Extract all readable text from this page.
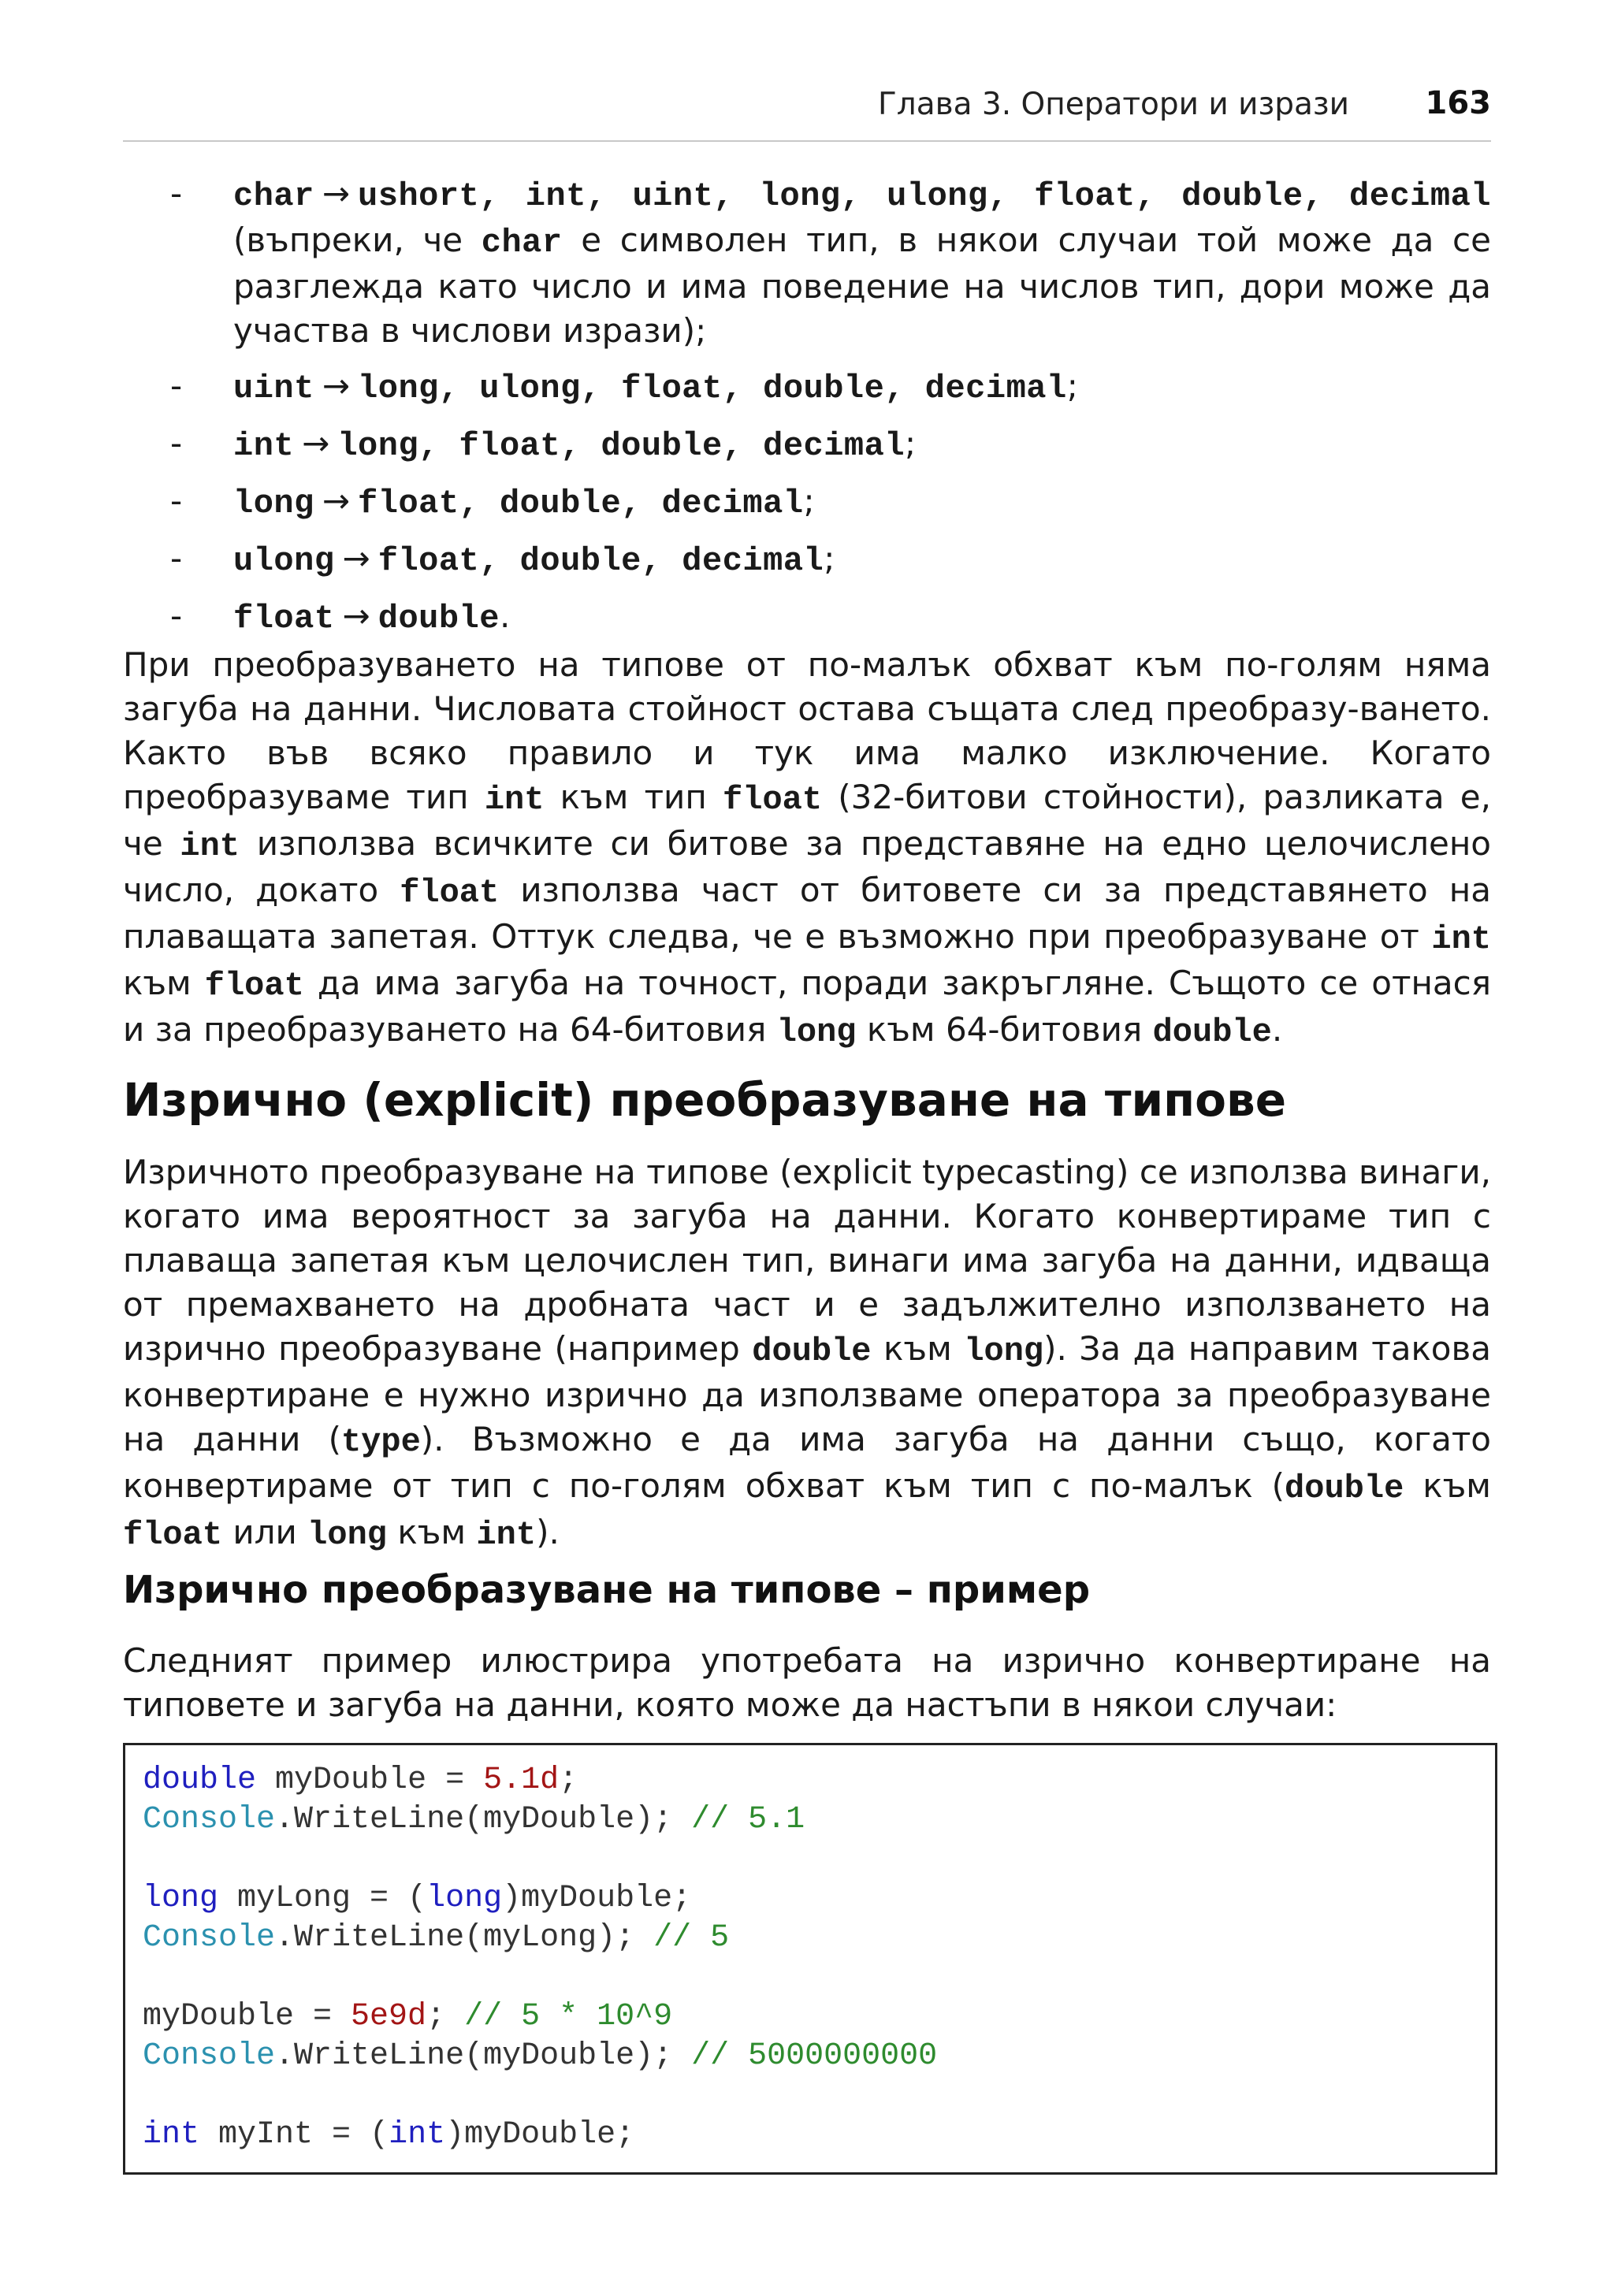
Глава 3. Оператори и изрази 163
- char → ushort, int, uint, long, ulong, float, double, decimal (въпреки, че char е символен тип, в някои случаи той може да се разглежда като число и има поведение на числов тип, дори може да участва в числови изрази);
- uint → long, ulong, float, double, decimal;
- int → long, float, double, decimal;
- long → float, double, decimal;
- ulong → float, double, decimal;
- float → double.
При преобразуването на типове от по-малък обхват към по-голям няма загуба на данни. Числовата стойност остава същата след преобразу-ването. Както във всяко правило и тук има малко изключение. Когато преобразуваме тип int към тип float (32-битови стойности), разликата е, че int използва всичките си битове за представяне на едно целочислено число, докато float използва част от битовете си за представянето на плаващата запетая. Оттук следва, че е възможно при преобразуване от int към float да има загуба на точност, поради закръгляне. Същото се отнася и за преобразуването на 64-битовия long към 64-битовия double.
Изрично (explicit) преобразуване на типове
Изричното преобразуване на типове (explicit typecasting) се използва винаги, когато има вероятност за загуба на данни. Когато конвертираме тип с плаваща запетая към целочислен тип, винаги има загуба на данни, идваща от премахването на дробната част и е задължително използването на изрично преобразуване (например double към long). За да направим такова конвертиране е нужно изрично да използваме оператора за преобразуване на данни (type). Възможно е да има загуба на данни също, когато конвертираме от тип с по-голям обхват към тип с по-малък (double към float или long към int).
Изрично преобразуване на типове – пример
Следният пример илюстрира употребата на изрично конвертиране на типовете и загуба на данни, която може да настъпи в някои случаи:
double myDouble = 5.1d;
Console.WriteLine(myDouble); // 5.1

long myLong = (long)myDouble;
Console.WriteLine(myLong); // 5

myDouble = 5e9d; // 5 * 10^9
Console.WriteLine(myDouble); // 5000000000

int myInt = (int)myDouble;
